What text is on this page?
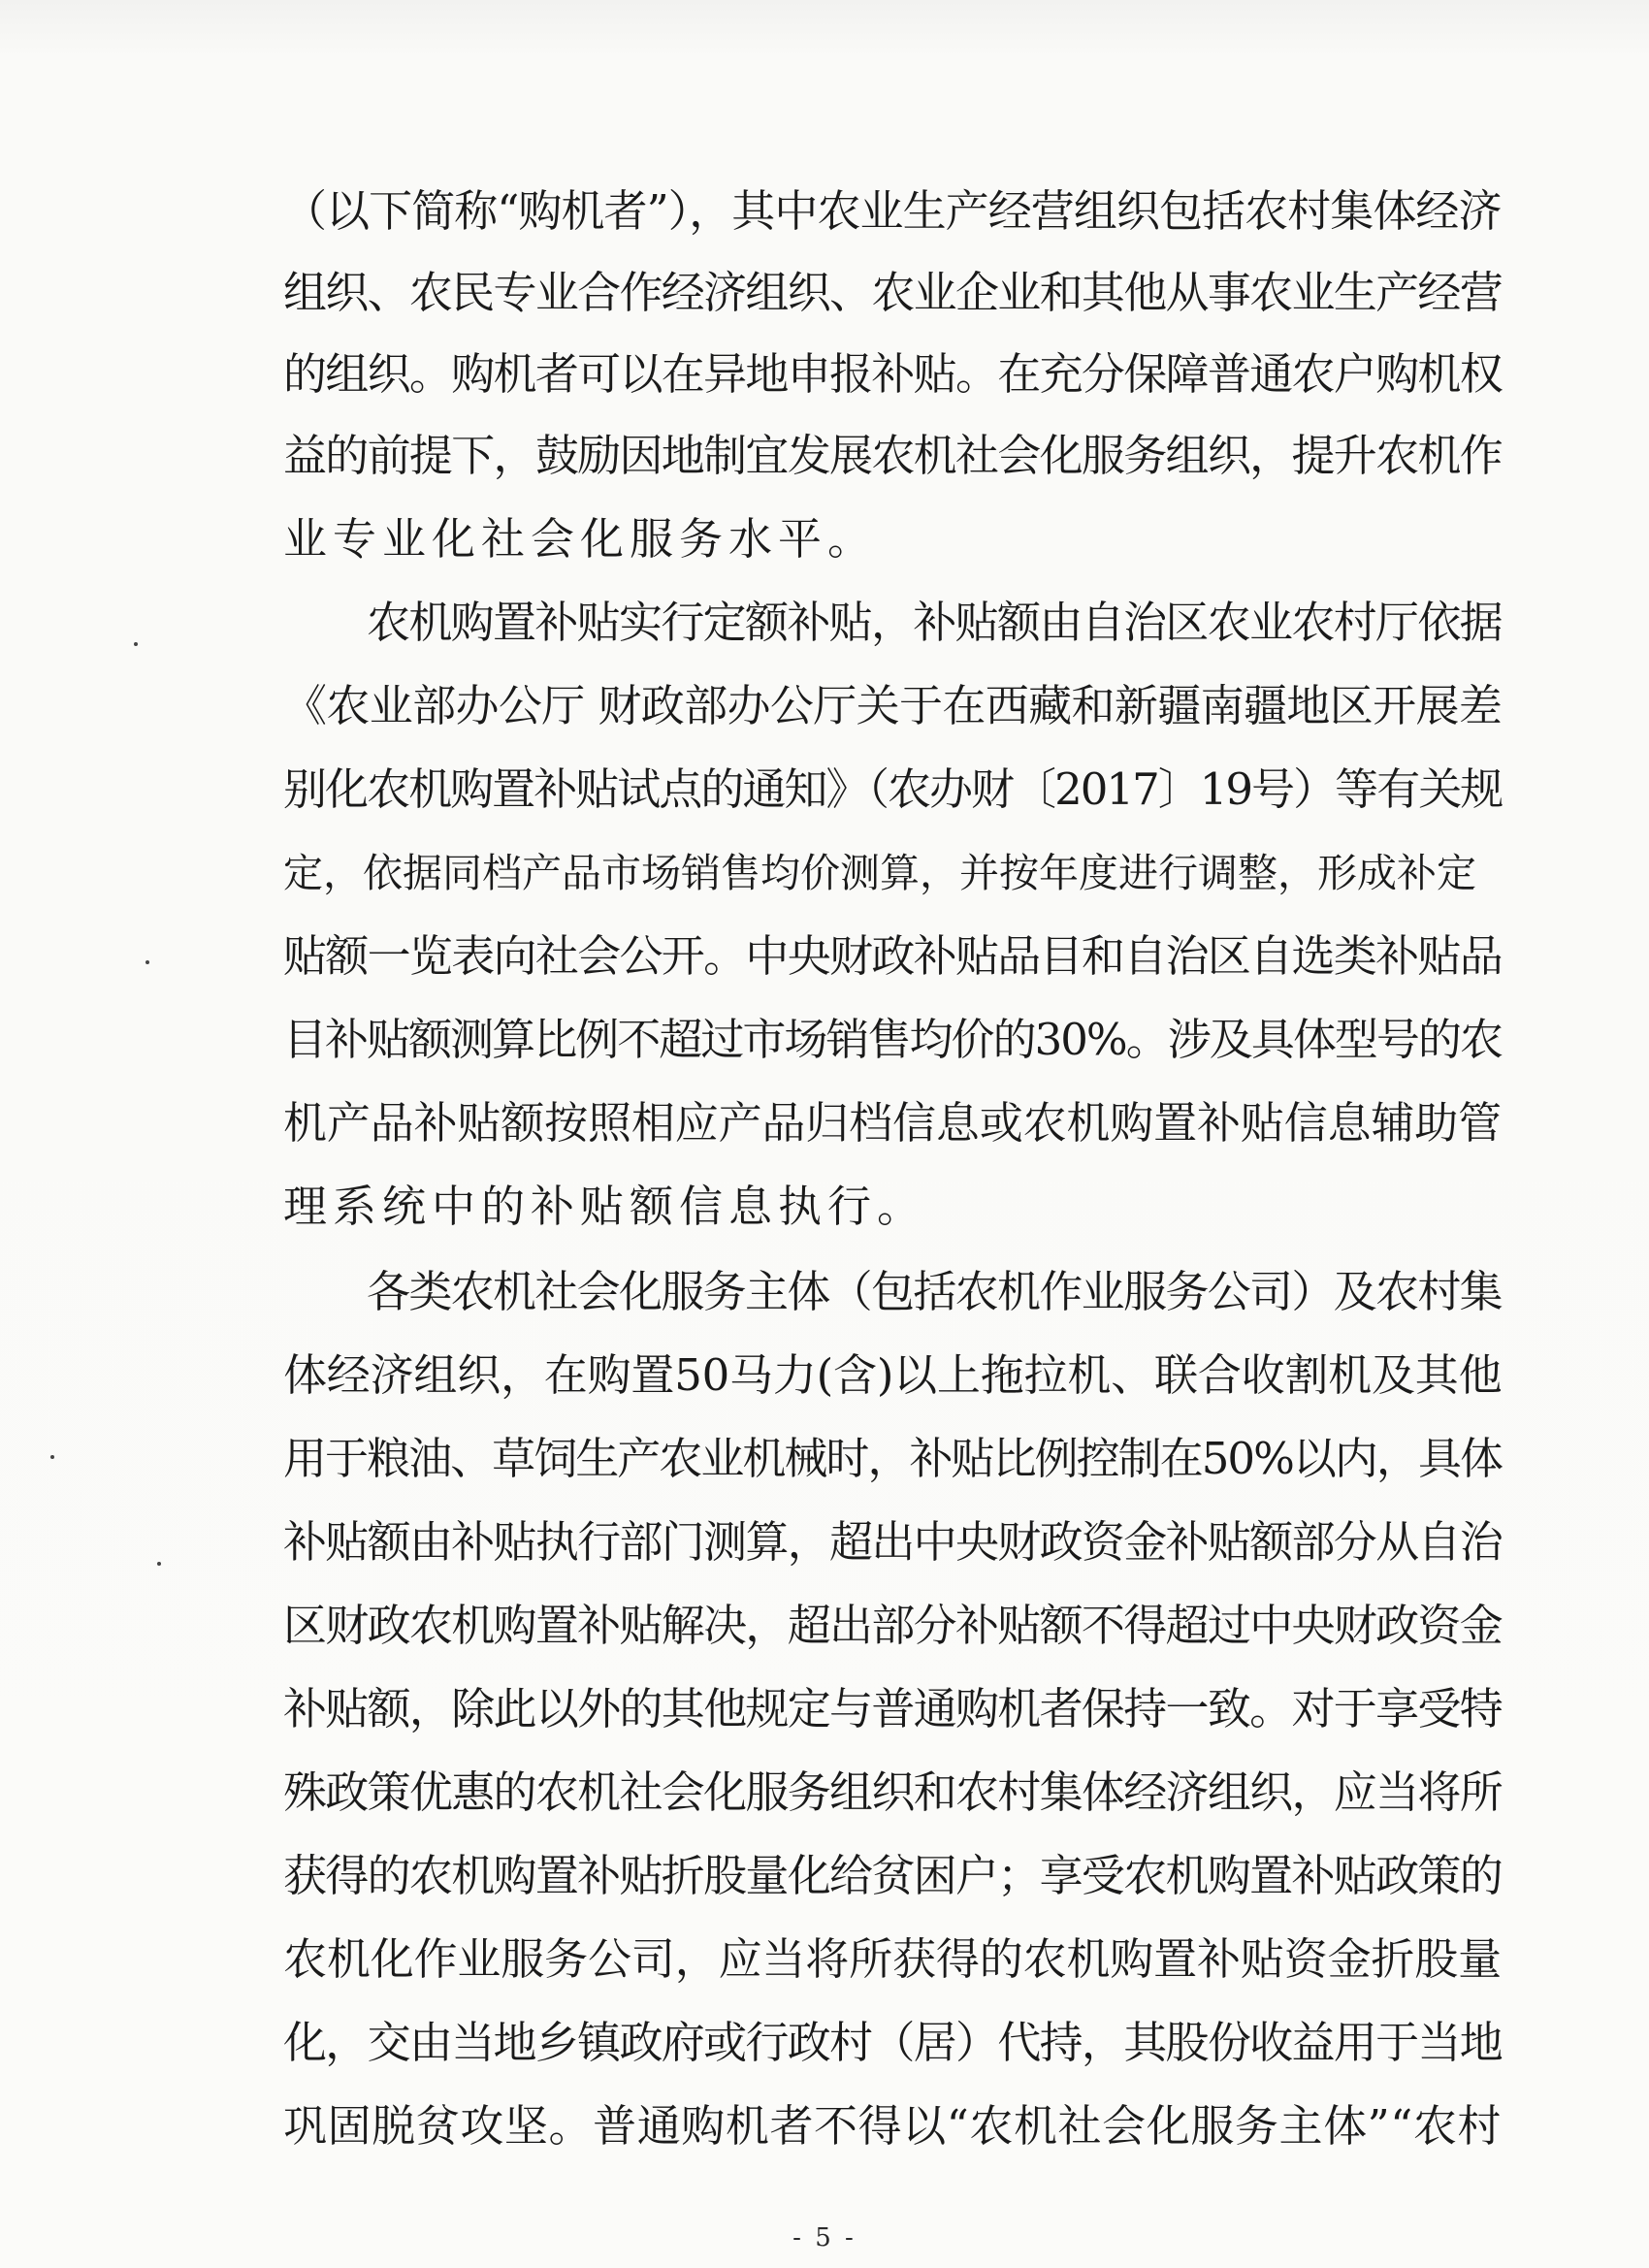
（以下简称“购机者”），其中农业生产经营组织包括农村集体经济
组织、农民专业合作经济组织、农业企业和其他从事农业生产经营
的组织。购机者可以在异地申报补贴。在充分保障普通农户购机权
益的前提下，鼓励因地制宜发展农机社会化服务组织，提升农机作
业专业化社会化服务水平。
农机购置补贴实行定额补贴，补贴额由自治区农业农村厅依据
《农业部办公厅 财政部办公厅关于在西藏和新疆南疆地区开展差
别化农机购置补贴试点的通知》（农办财〔2017〕19号）等有关规
定，依据同档产品市场销售均价测算，并按年度进行调整，形成补定
贴额一览表向社会公开。中央财政补贴品目和自治区自选类补贴品
目补贴额测算比例不超过市场销售均价的30%。涉及具体型号的农
机产品补贴额按照相应产品归档信息或农机购置补贴信息辅助管
理系统中的补贴额信息执行。
各类农机社会化服务主体（包括农机作业服务公司）及农村集
体经济组织，在购置50马力(含)以上拖拉机、联合收割机及其他
用于粮油、草饲生产农业机械时，补贴比例控制在50%以内，具体
补贴额由补贴执行部门测算，超出中央财政资金补贴额部分从自治
区财政农机购置补贴解决，超出部分补贴额不得超过中央财政资金
补贴额，除此以外的其他规定与普通购机者保持一致。对于享受特
殊政策优惠的农机社会化服务组织和农村集体经济组织，应当将所
获得的农机购置补贴折股量化给贫困户；享受农机购置补贴政策的
农机化作业服务公司，应当将所获得的农机购置补贴资金折股量
化，交由当地乡镇政府或行政村（居）代持，其股份收益用于当地
巩固脱贫攻坚。普通购机者不得以“农机社会化服务主体”“农村
- 5 -
